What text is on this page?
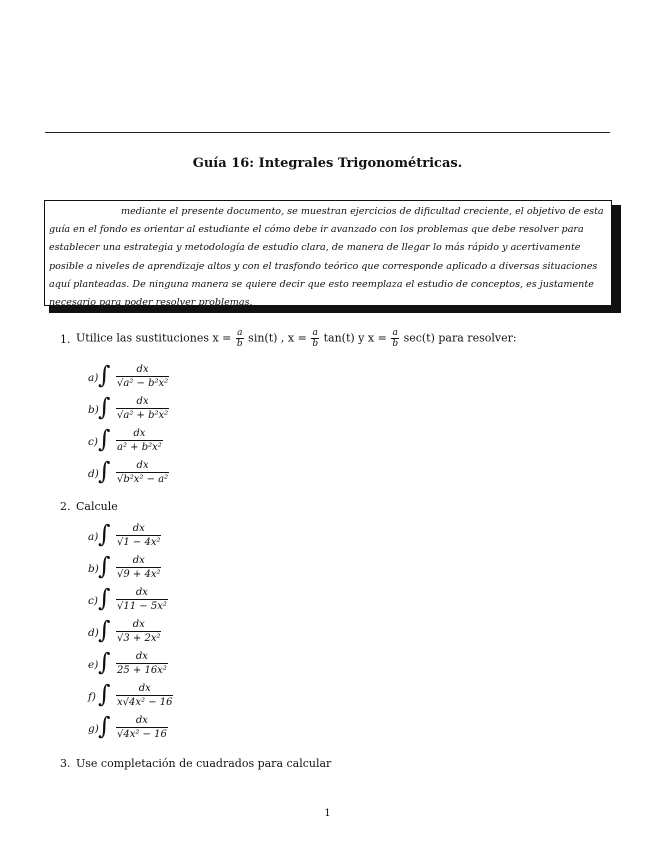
Guía 16: Integrales Trigonométricas.
mediante el presente documento, se muestran ejercicios de dificultad creciente, el objetivo de esta
guía en el fondo es orientar al estudiante el cómo debe ir avanzado con los problemas que debe resolver para
establecer una estrategia y metodología de estudio clara, de manera de llegar lo más rápido y acertivamente
posible a niveles de aprendizaje altos y con el trasfondo teórico que corresponde aplicado a diversas situaciones
aquí planteadas. De ninguna manera se quiere decir que esto reemplaza el estudio de conceptos, es justamente
necesario para poder resolver problemas.
1. Utilice las sustituciones $x = \frac{a}{b} \sin(t)$ , $x = \frac{a}{b} \tan(t)$ y $x = \frac{a}{b} \sec(t)$ para resolver:
a) ∫ $\frac{dx}{\text{√a² − b²x²}}$
b) ∫ $\frac{dx}{\text{√a² + b²x²}}$
c) ∫ $\frac{dx}{\text{a² + b²x²}}$
d) ∫ $\frac{dx}{\text{√b²x² − a²}}$
2. Calcule
a) ∫ $\frac{dx}{\text{√1 − 4x²}}$
b) ∫ $\frac{dx}{\text{√9 + 4x²}}$
c) ∫ $\frac{dx}{\text{√11 − 5x²}}$
d) ∫ $\frac{dx}{\text{√3 + 2x²}}$
e) ∫ $\frac{dx}{\text{25 + 16x²}}$
f) ∫ $\frac{dx}{\text{x√4x² − 16}}$
g) ∫ $\frac{dx}{\text{√4x² − 16}}$
3. Use completación de cuadrados para calcular
1
